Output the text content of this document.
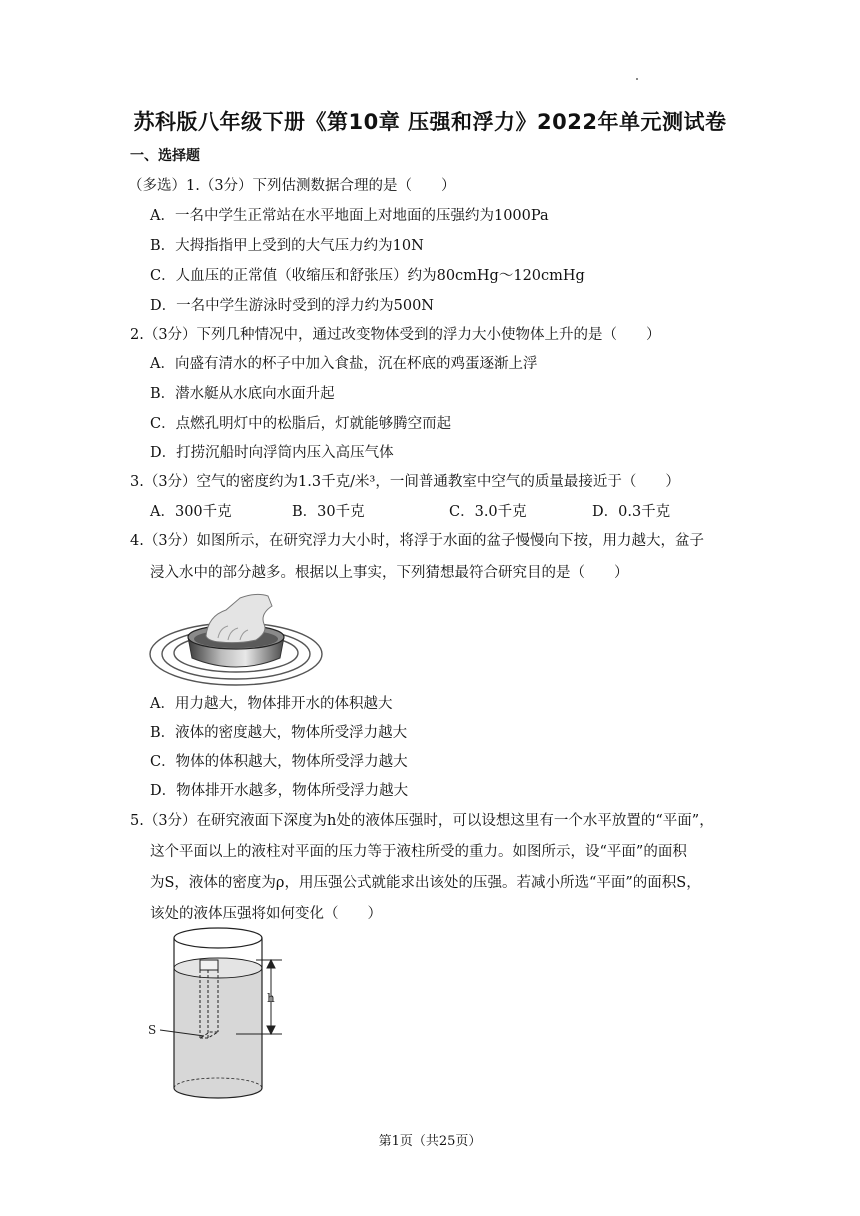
苏科版八年级下册《第10章 压强和浮力》2022年单元测试卷
一、选择题
（多选）1.（3分）下列估测数据合理的是（　　）
A．一名中学生正常站在水平地面上对地面的压强约为1000Pa
B．大拇指指甲上受到的大气压力约为10N
C．人血压的正常值（收缩压和舒张压）约为80cmHg～120cmHg
D．一名中学生游泳时受到的浮力约为500N
2.（3分）下列几种情况中，通过改变物体受到的浮力大小使物体上升的是（　　）
A．向盛有清水的杯子中加入食盐，沉在杯底的鸡蛋逐渐上浮
B．潜水艇从水底向水面升起
C．点燃孔明灯中的松脂后，灯就能够腾空而起
D．打捞沉船时向浮筒内压入高压气体
3.（3分）空气的密度约为1.3千克/米³，一间普通教室中空气的质量最接近于（　　）
A．300千克	B．30千克	C．3.0千克	D．0.3千克
4.（3分）如图所示，在研究浮力大小时，将浮于水面的盆子慢慢向下按，用力越大，盆子
浸入水中的部分越多。根据以上事实，下列猜想最符合研究目的是（　　）
A．用力越大，物体排开水的体积越大
B．液体的密度越大，物体所受浮力越大
C．物体的体积越大，物体所受浮力越大
D．物体排开水越多，物体所受浮力越大
5.（3分）在研究液面下深度为h处的液体压强时，可以设想这里有一个水平放置的“平面”，
这个平面以上的液柱对平面的压力等于液柱所受的重力。如图所示，设“平面”的面积
为S，液体的密度为ρ，用压强公式就能求出该处的压强。若减小所选“平面”的面积S，
该处的液体压强将如何变化（　　）
h
S
第1页（共25页）
